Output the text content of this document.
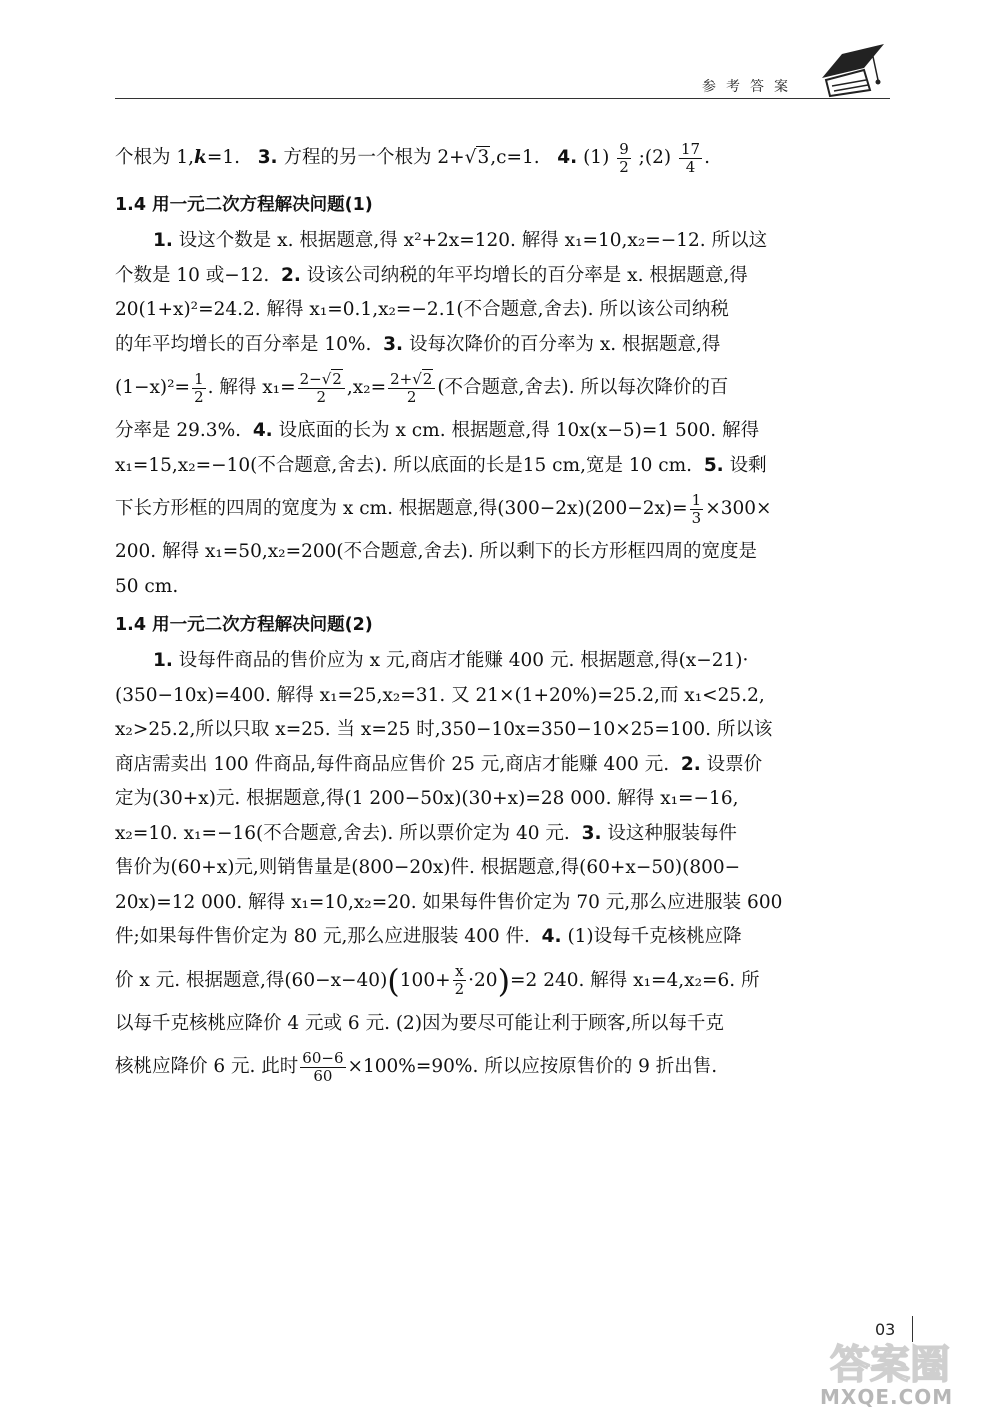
参考答案
个根为 1,k=1. 3. 方程的另一个根为 2+√3,c=1. 4. $(1) \frac{9}{2}$ ;(2) $\frac{17}{4}$ .
1.4 用一元二次方程解决问题(1)
1. 设这个数是 x. 根据题意,得 x²+2x=120. 解得 x₁=10,x₂=−12. 所以这
个数是 10 或−12. 2. 设该公司纳税的年平均增长的百分率是 x. 根据题意,得
20(1+x)²=24.2. 解得 x₁=0.1,x₂=−2.1(不合题意,舍去). 所以该公司纳税
的年平均增长的百分率是 10%. 3. 设每次降价的百分率为 x. 根据题意,得
$(1-x)^2= \frac{1}{2}$ . 解得 $x_1= \frac{2-√2}{2} ,x_2= \frac{2+√2}{2}$ (不合题意,舍去). 所以每次降价的百
分率是 29.3%. 4. 设底面的长为 x cm. 根据题意,得 10x(x−5)=1 500. 解得
x₁=15,x₂=−10(不合题意,舍去). 所以底面的长是15 cm,宽是 10 cm. 5. 设剩
下长方形框的四周的宽度为 x cm. 根据题意,得$(300-2x)(200-2x)= \frac{1}{3} \times 300\times$
200. 解得 x₁=50,x₂=200(不合题意,舍去). 所以剩下的长方形框四周的宽度是
50 cm.
1.4 用一元二次方程解决问题(2)
1. 设每件商品的售价应为 x 元,商店才能赚 400 元. 根据题意,得(x−21)·
(350−10x)=400. 解得 x₁=25,x₂=31. 又 21×(1+20%)=25.2,而 x₁<25.2,
x₂>25.2,所以只取 x=25. 当 x=25 时,350−10x=350−10×25=100. 所以该
商店需卖出 100 件商品,每件商品应售价 25 元,商店才能赚 400 元. 2. 设票价
定为(30+x)元. 根据题意,得(1 200−50x)(30+x)=28 000. 解得 x₁=−16,
x₂=10. x₁=−16(不合题意,舍去). 所以票价定为 40 元. 3. 设这种服装每件
售价为(60+x)元,则销售量是(800−20x)件. 根据题意,得(60+x−50)(800−
20x)=12 000. 解得 x₁=10,x₂=20. 如果每件售价定为 70 元,那么应进服装 600
件;如果每件售价定为 80 元,那么应进服装 400 件. 4. (1)设每千克核桃应降
价 x 元. 根据题意,得$(60-x-40)(100+ \frac{x}{2} \cdot 20)=2$ 240. 解得 x₁=4,x₂=6. 所
以每千克核桃应降价 4 元或 6 元. (2)因为要尽可能让利于顾客,所以每千克
核桃应降价 6 元. 此时 $\frac{60-6}{60} \times 100\%=90\%$. 所以应按原售价的 9 折出售.
03
答案圈
MXQE.COM
